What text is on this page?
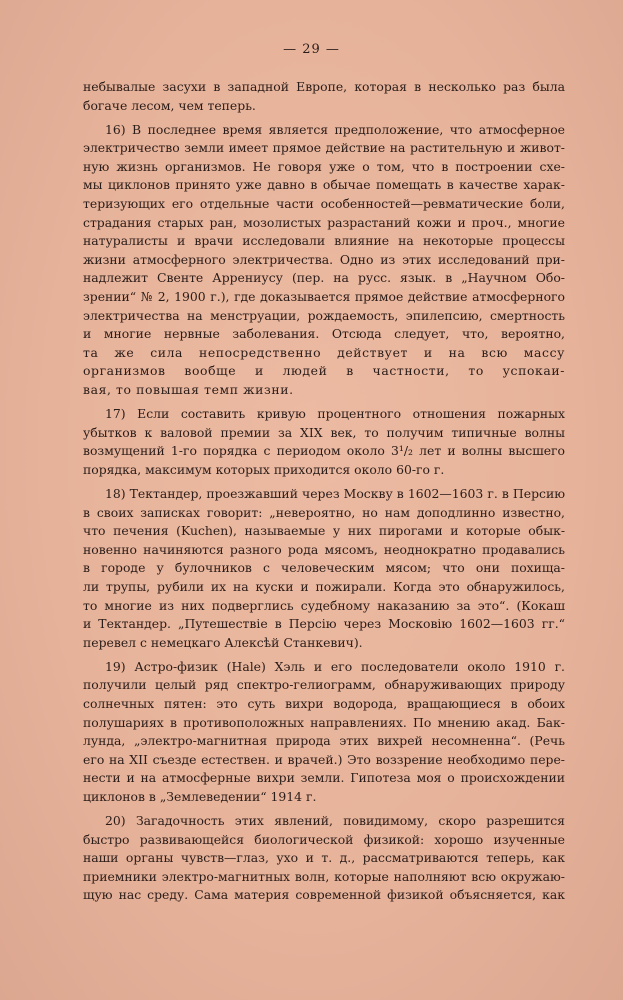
— 29 —
небывалые засухи в западной Европе, которая в несколько раз была
богаче лесом, чем теперь.
16) В последнее время является предположение, что атмосферное
электричество земли имеет прямое действие на растительную и живот-
ную жизнь организмов. Не говоря уже о том, что в построении схе-
мы циклонов принято уже давно в обычае помещать в качестве харак-
теризующих его отдельные части особенностей—ревматические боли,
страдания старых ран, мозолистых разрастаний кожи и проч., многие
натуралисты и врачи исследовали влияние на некоторые процессы
жизни атмосферного электричества. Одно из этих исследований при-
надлежит Свенте Аррениусу (пер. на русс. язык. в „Научном Обо-
зрении“ № 2, 1900 г.), где доказывается прямое действие атмосферного
электричества на менструации, рождаемость, эпилепсию, смертность
и многие нервные заболевания. Отсюда следует, что, вероятно,
та же сила непосредственно действует и на всю массу
организмов вообще и людей в частности, то успокаи-
вая, то повышая темп жизни.
17) Если составить кривую процентного отношения пожарных
убытков к валовой премии за XIX век, то получим типичные волны
возмущений 1-го порядка с периодом около 3¹/₂ лет и волны высшего
порядка, максимум которых приходится около 60-го г.
18) Тектандер, проезжавший через Москву в 1602—1603 г. в Персию
в своих записках говорит: „невероятно, но нам доподлинно известно,
что печения (Kuchen), называемые у них пирогами и которые обык-
новенно начиняются разного рода мясомъ, неоднократно продавались
в городе у булочников с человеческим мясом; что они похища-
ли трупы, рубили их на куски и пожирали. Когда это обнаружилось,
то многие из них подверглись судебному наказанию за это“. (Кокаш
и Тектандер. „Путешествіе в Персію через Московію 1602—1603 гг.“
перевел с немецкаго Алексѣй Станкевич).
19) Астро-физик (Hale) Хэль и его последователи около 1910 г.
получили целый ряд спектро-гелиограмм, обнаруживающих природу
солнечных пятен: это суть вихри водорода, вращающиеся в обоих
полушариях в противоположных направлениях. По мнению акад. Бак-
лунда, „электро-магнитная природа этих вихрей несомненна“. (Речь
его на XII съезде естествен. и врачей.) Это воззрение необходимо пере-
нести и на атмосферные вихри земли. Гипотеза моя о происхождении
циклонов в „Землеведении“ 1914 г.
20) Загадочность этих явлений, повидимому, скоро разрешится
быстро развивающейся биологической физикой: хорошо изученные
наши органы чувств—глаз, ухо и т. д., рассматриваются теперь, как
приемники электро-магнитных волн, которые наполняют всю окружаю-
щую нас среду. Сама материя современной физикой объясняется, как
